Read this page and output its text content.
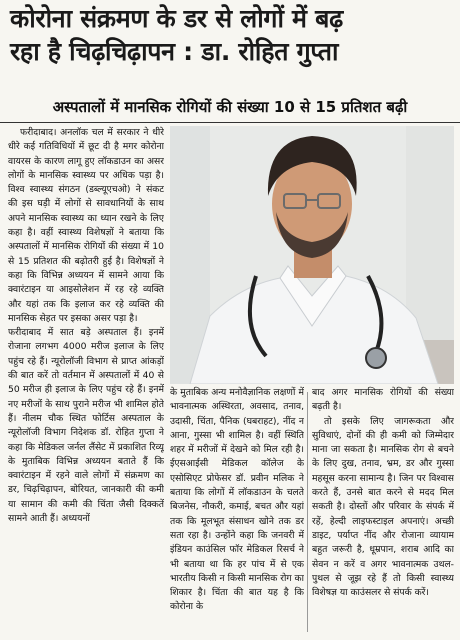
कोरोना संक्रमण के डर से लोगों में बढ़
रहा है चिढ़चिढ़ापन : डा. रोहित गुप्ता
अस्पतालों में मानसिक रोगियों की संख्या 10 से 15 प्रतिशत बढ़ी

फरीदाबाद। अनलॉक चल में सरकार ने धीरे धीरे कई गतिविधियों में छूट दी है मगर कोरोना वायरस के कारण लागू हुए लॉकडाउन का असर लोगों के मानसिक स्वास्थ्य पर अधिक पड़ा है। विश्व स्वास्थ्य संगठन (डब्ल्यूएचओ) ने संकट की इस घड़ी में लोगों से सावधानियों के साथ अपने मानसिक स्वास्थ्य का ध्यान रखने के लिए कहा है। वहीं स्वास्थ्य विशेषज्ञों ने बताया कि अस्पतालों में मानसिक रोगियों की संख्या में 10 से 15 प्रतिशत की बढ़ोतरी हुई है। विशेषज्ञों ने कहा कि विभिन्न अध्ययन में सामने आया कि क्वारंटाइन या आइसोलेशन में रह रहे व्यक्ति और यहां तक कि इलाज कर रहे व्यक्ति की मानसिक सेहत पर इसका असर पड़ा है।

फरीदाबाद में सात बड़े अस्पताल हैं। इनमें रोजाना लगभग 4000 मरीज इलाज के लिए पहुंच रहे हैं। न्यूरोलॉजी विभाग से प्राप्त आंकड़ों की बात करें तो वर्तमान में अस्पतालों में 40 से 50 मरीज ही इलाज के लिए पहुंच रहे हैं। इनमें नए मरीजों के साथ पुराने मरीज भी शामिल होते हैं। नीलम चौक स्थित फोर्टिस अस्पताल के न्यूरोलॉजी विभाग निदेशक डॉ. रोहित गुप्ता ने कहा कि मेडिकल जर्नल लैंसेट में प्रकाशित रिव्यू के मुताबिक विभिन्न अध्ययन बताते हैं कि क्वारंटाइन में रहने वाले लोगों में संक्रमण का डर, चिढ़चिढ़ापन, बोरियत, जानकारी की कमी या सामान की कमी की चिंता जैसी दिक्कतें सामने आती हैं। अध्ययनों

के मुताबिक अन्य मनोवैज्ञानिक लक्षणों में भावनात्मक अस्थिरता, अवसाद, तनाव, उदासी, चिंता, पैनिक (घबराहट), नींद न आना, गुस्सा भी शामिल है। वहीं स्थिति शहर में मरीजों में देखने को मिल रही है। ईएसआईसी मेडिकल कॉलेज के एसोसिएट प्रोफेसर डॉ. प्रवीन मलिक ने बताया कि लोगों में लॉकडाउन के चलते बिजनेस, नौकरी, कमाई, बचत और यहां तक कि मूलभूत संसाधन खोने तक डर सता रहा है। उन्होंने कहा कि जनवरी में इंडियन काउंसिल फॉर मेडिकल रिसर्च ने भी बताया था कि हर पांच में से एक भारतीय किसी न किसी मानसिक रोग का शिकार है। चिंता की बात यह है कि कोरोना के

बाद अगर मानसिक रोगियों की संख्या बढ़ती है।

तो इसके लिए जागरूकता और सुविधाएं, दोनों की ही कमी को जिम्मेदार माना जा सकता है। मानसिक रोग से बचने के लिए दुख, तनाव, भ्रम, डर और गुस्सा महसूस करना सामान्य है। जिन पर विश्वास करते हैं, उनसे बात करने से मदद मिल सकती है। दोस्तों और परिवार के संपर्क में रहें, हेल्दी लाइफस्टाइल अपनाएं। अच्छी डाइट, पर्याप्त नींद और रोजाना व्यायाम बहुत जरूरी है, धूम्रपान, शराब आदि का सेवन न करें व अगर भावनात्मक उथल-पुथल से जूझ रहे हैं तो किसी स्वास्थ्य विशेषज्ञ या काउंसलर से संपर्क करें।
